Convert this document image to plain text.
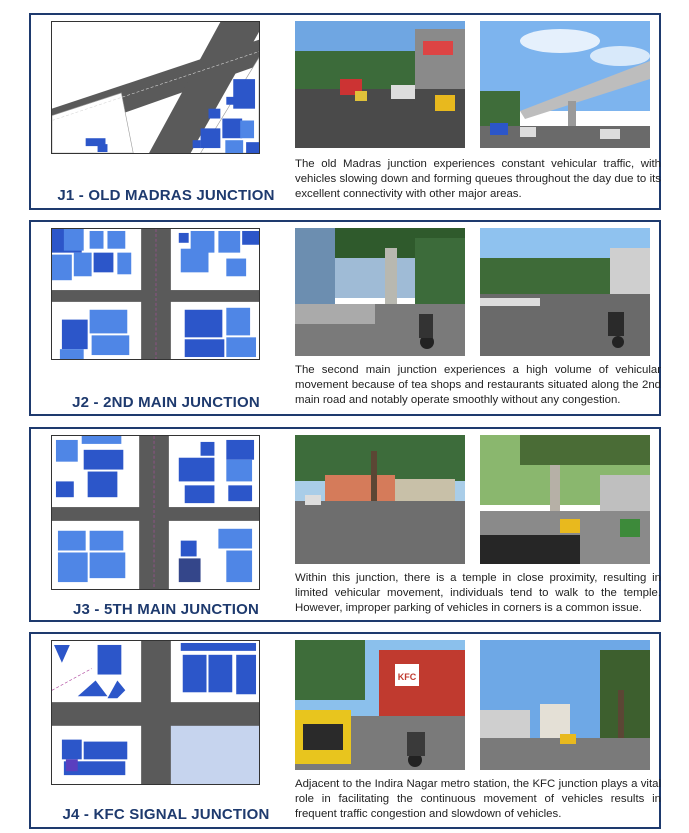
J1 - OLD MADRAS JUNCTION
The old Madras junction experiences constant vehicular traffic, with vehicles slowing down and forming queues throughout the day due to its excellent connectivity with other major areas.
J2 - 2ND MAIN JUNCTION
The second main junction experiences a high volume of vehicular movement because of tea shops and restaurants situated along the 2nd main road and notably operate smoothly without any congestion.
J3 - 5TH MAIN JUNCTION
Within this junction, there is a temple in close proximity, resulting in limited vehicular movement, individuals tend to walk to the temple. However, improper parking of vehicles in corners is a common issue.
J4 - KFC SIGNAL JUNCTION
KFC
Adjacent to the Indira Nagar metro station, the KFC junction plays a vital role in facilitating the continuous movement of vehicles results in frequent traffic congestion and slowdown of vehicles.
